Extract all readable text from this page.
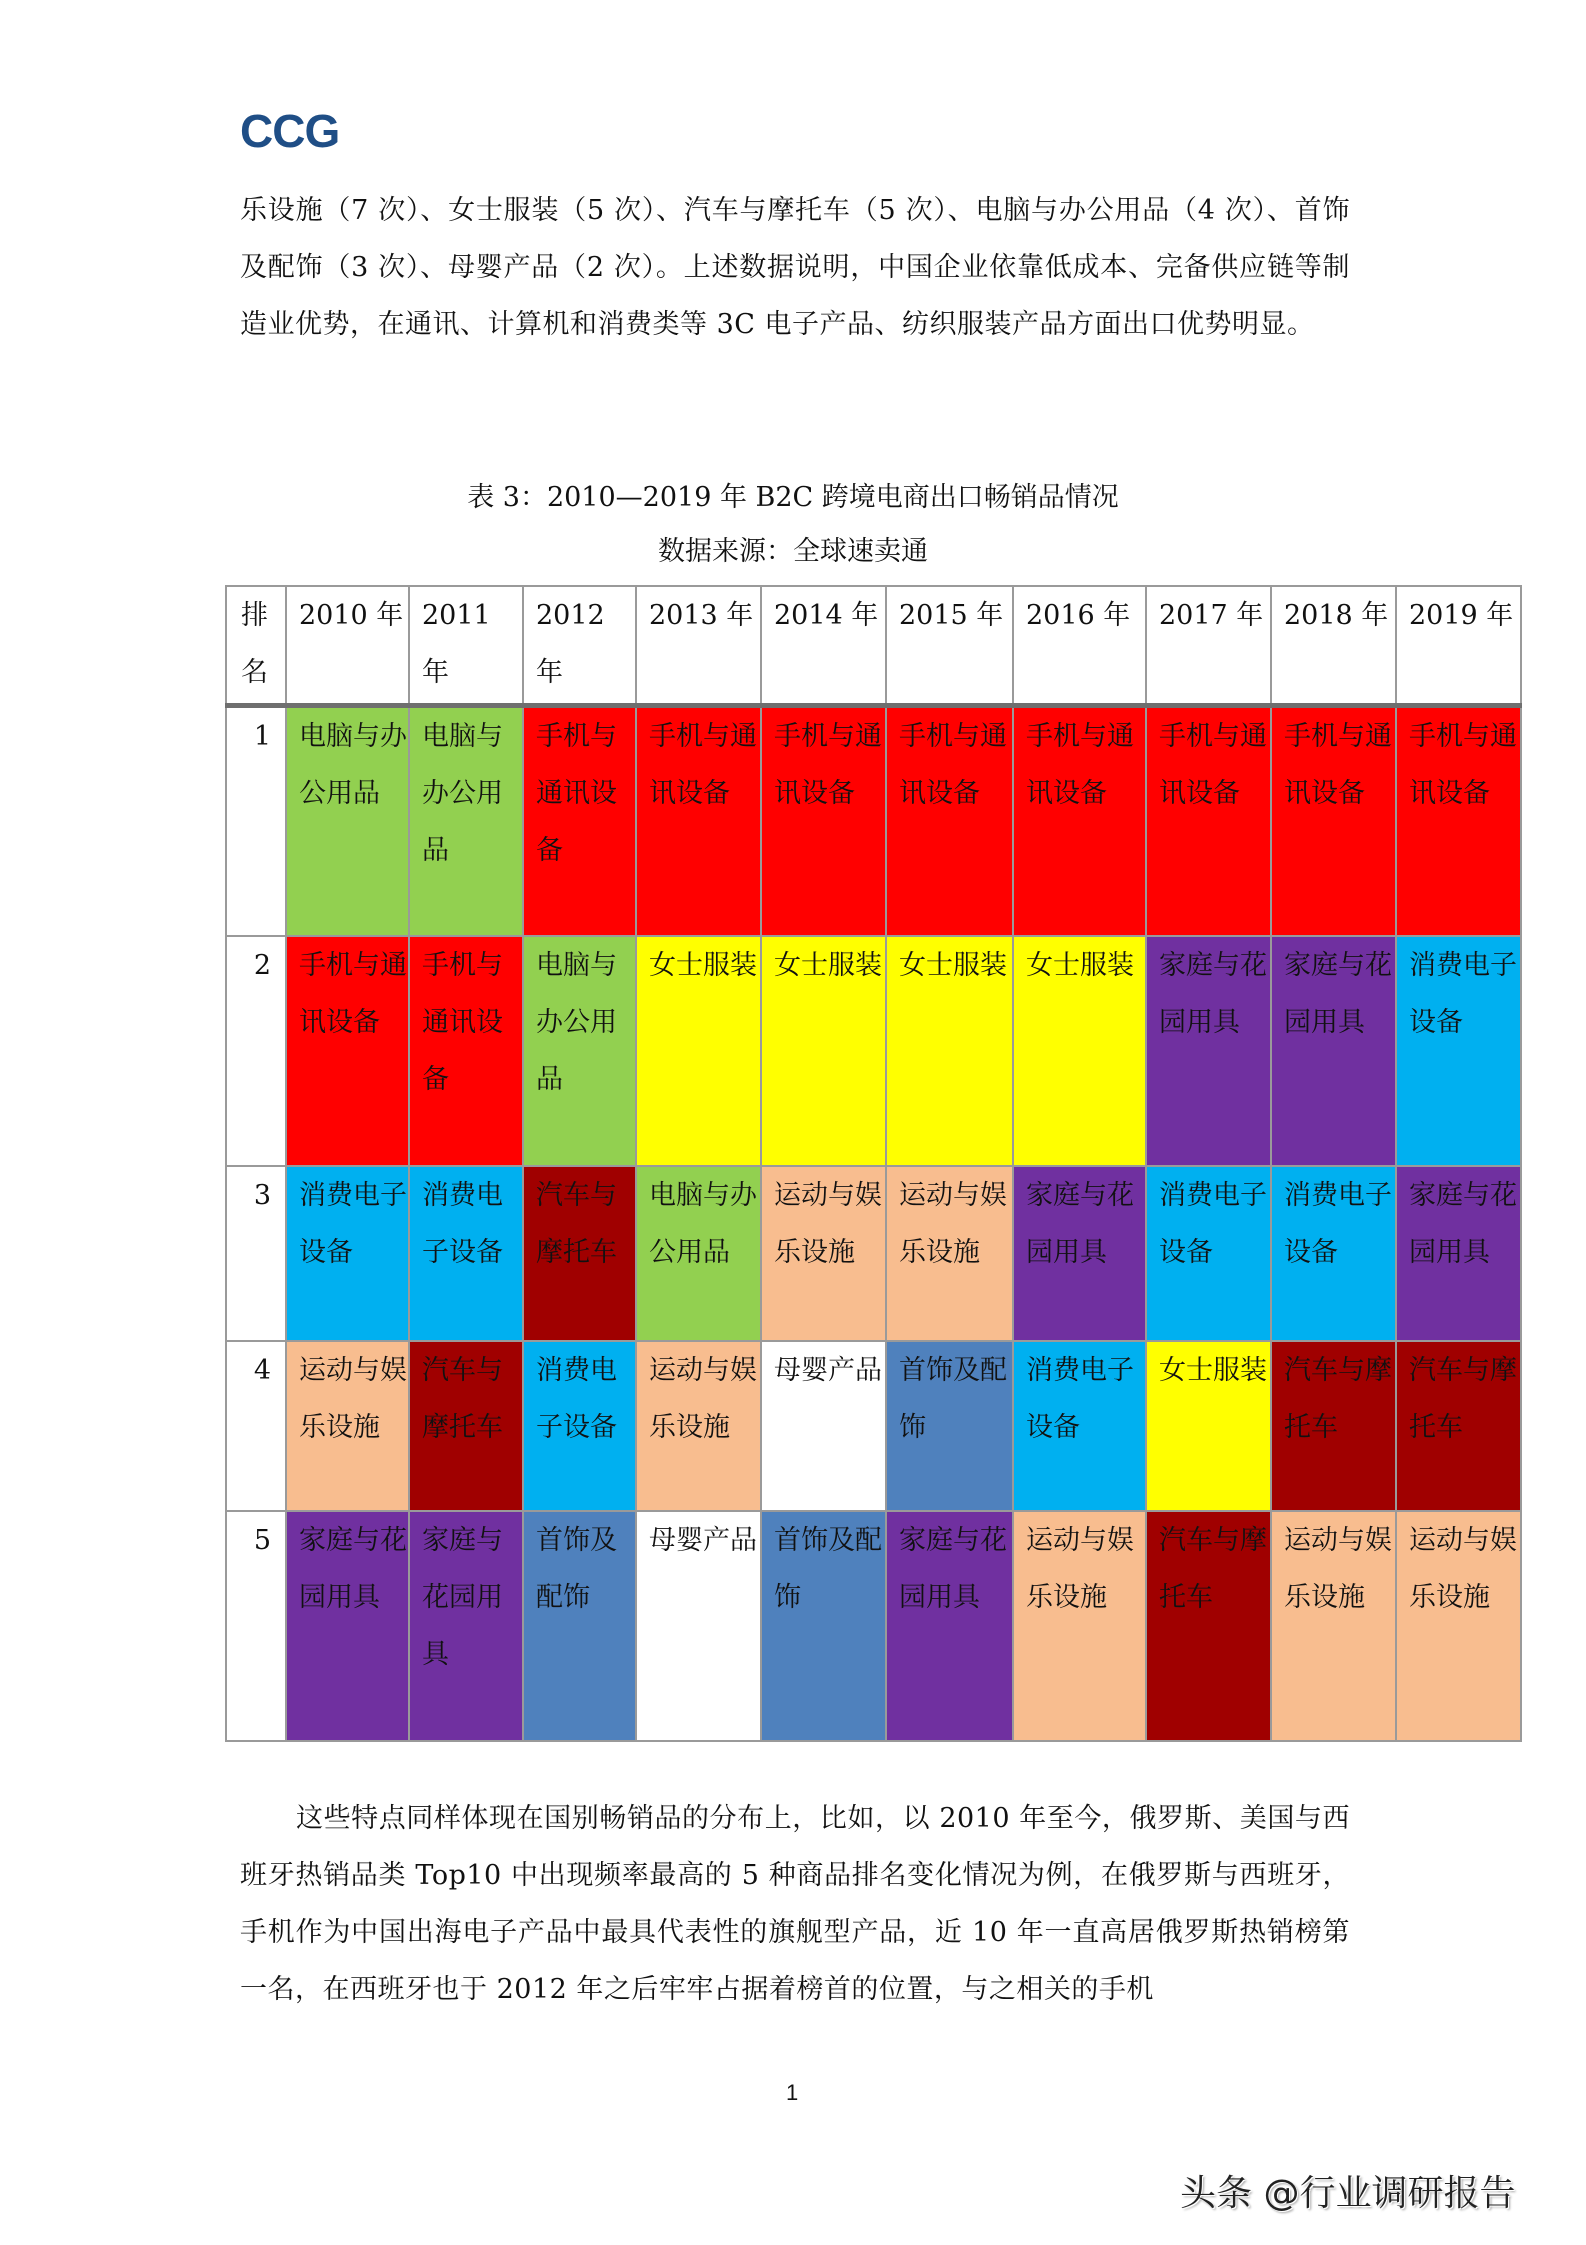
CCG

乐设施（7 次）、女士服装（5 次）、汽车与摩托车（5 次）、电脑与办公用品（4 次）、首饰及配饰（3 次）、母婴产品（2 次）。上述数据说明，中国企业依靠低成本、完备供应链等制造业优势，在通讯、计算机和消费类等 3C 电子产品、纺织服装产品方面出口优势明显。

表 3：2010—2019 年 B2C 跨境电商出口畅销品情况
数据来源：全球速卖通
排名	2010 年	2011 年	2012 年	2013 年	2014 年	2015 年	2016 年	2017 年	2018 年	2019 年
1	电脑与办公用品	电脑与办公用品	手机与通讯设备	手机与通讯设备	手机与通讯设备	手机与通讯设备	手机与通讯设备	手机与通讯设备	手机与通讯设备	手机与通讯设备
2	手机与通讯设备	手机与通讯设备	电脑与办公用品	女士服装	女士服装	女士服装	女士服装	家庭与花园用具	家庭与花园用具	消费电子设备
3	消费电子设备	消费电子设备	汽车与摩托车	电脑与办公用品	运动与娱乐设施	运动与娱乐设施	家庭与花园用具	消费电子设备	消费电子设备	家庭与花园用具
4	运动与娱乐设施	汽车与摩托车	消费电子设备	运动与娱乐设施	母婴产品	首饰及配饰	消费电子设备	女士服装	汽车与摩托车	汽车与摩托车
5	家庭与花园用具	家庭与花园用具	首饰及配饰	母婴产品	首饰及配饰	家庭与花园用具	运动与娱乐设施	汽车与摩托车	运动与娱乐设施	运动与娱乐设施

这些特点同样体现在国别畅销品的分布上，比如，以 2010 年至今，俄罗斯、美国与西班牙热销品类 Top10 中出现频率最高的 5 种商品排名变化情况为例，在俄罗斯与西班牙，手机作为中国出海电子产品中最具代表性的旗舰型产品，近 10 年一直高居俄罗斯热销榜第一名，在西班牙也于 2012 年之后牢牢占据着榜首的位置，与之相关的手机

1
头条 @行业调研报告
